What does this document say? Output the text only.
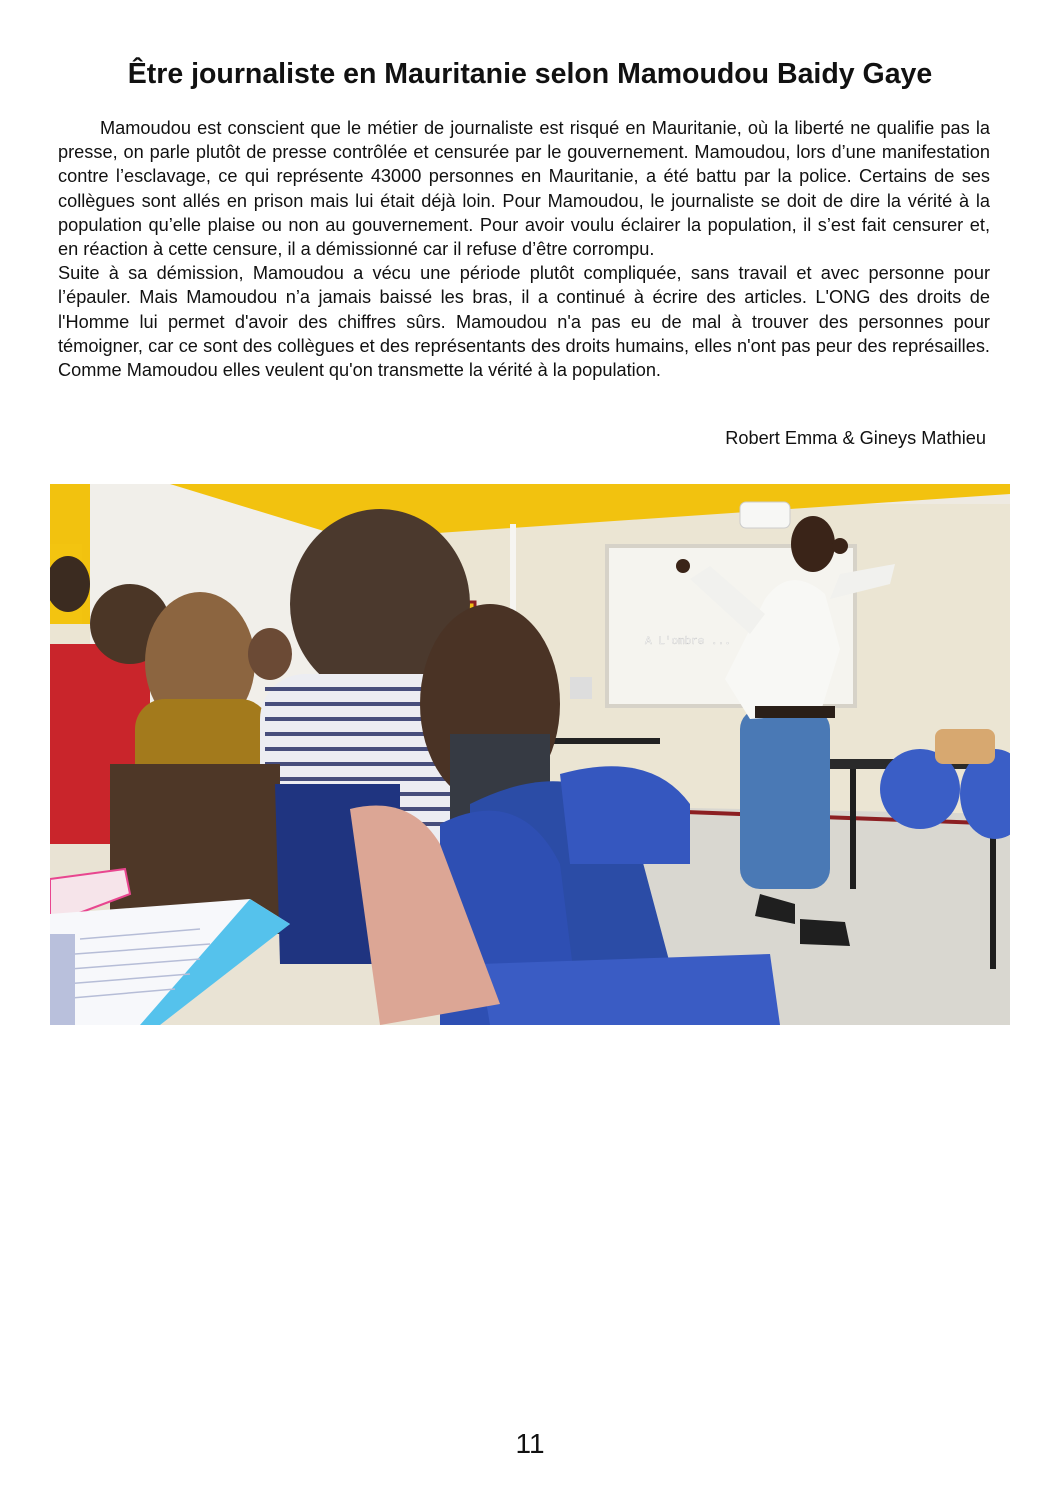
Être journaliste en Mauritanie selon Mamoudou Baidy Gaye

Mamoudou est conscient que le métier de journaliste est risqué en Mauritanie, où la liberté ne qualifie pas la presse, on parle plutôt de presse contrôlée et censurée par le gouvernement. Mamoudou, lors d’une manifestation contre l’esclavage, ce qui représente 43000 personnes en Mauritanie, a été battu par la police. Certains de ses collègues sont allés en prison mais lui était déjà loin. Pour Mamoudou, le journaliste se doit de dire la vérité à la population qu’elle plaise ou non au gouvernement. Pour avoir voulu éclairer la population, il s’est fait censurer et, en réaction à cette censure, il a démissionné car il refuse d’être corrompu.

Suite à sa démission, Mamoudou a vécu une période plutôt compliquée, sans travail et avec personne pour l’épauler. Mais Mamoudou n’a jamais baissé les bras, il a continué à écrire des articles. L'ONG des droits de l'Homme lui permet d'avoir des chiffres sûrs. Mamoudou n'a pas eu de mal à trouver des personnes pour témoigner, car ce sont des collègues et des représentants des droits humains, elles n'ont pas peur des représailles. Comme Mamoudou elles veulent qu'on transmette la vérité à la population.

Robert Emma & Gineys Mathieu
A L'ombre ...
11
